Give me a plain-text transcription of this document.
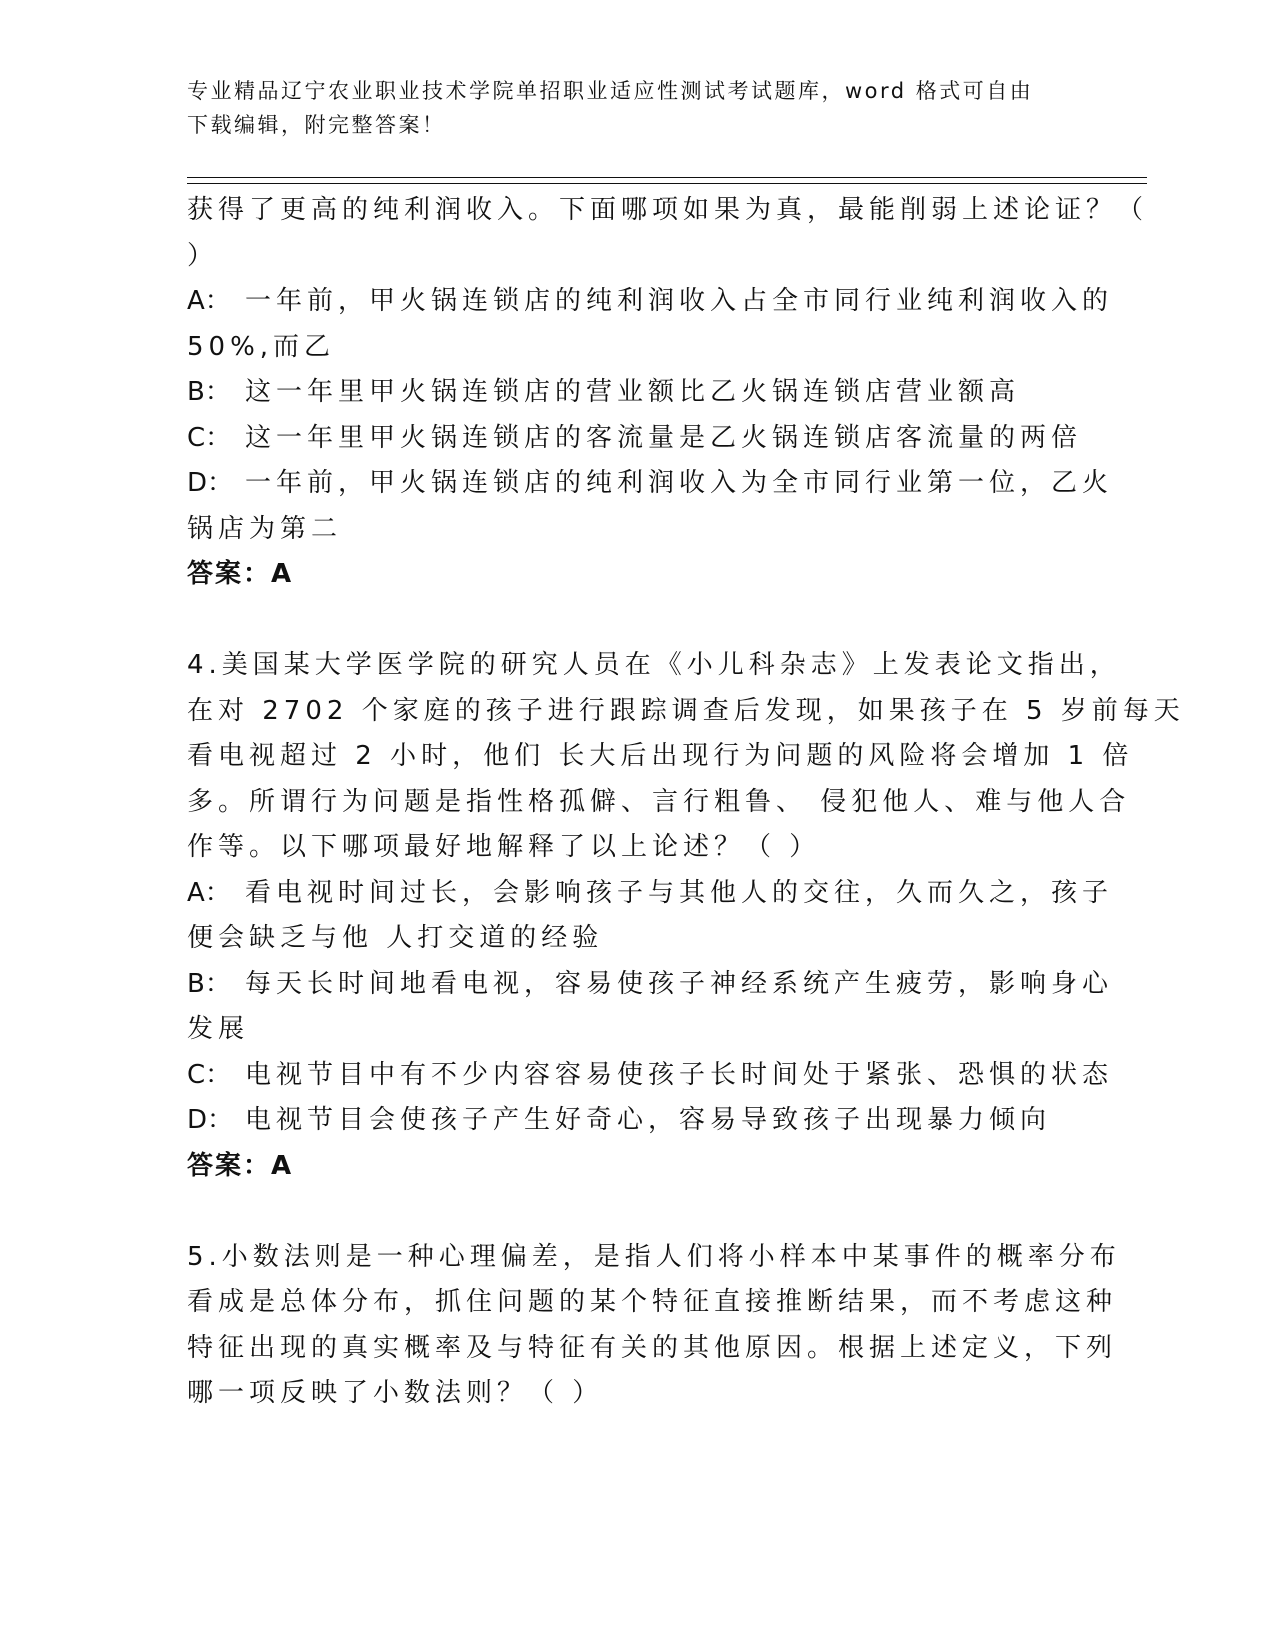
专业精品辽宁农业职业技术学院单招职业适应性测试考试题库，word 格式可自由
下载编辑，附完整答案！
获得了更高的纯利润收入。下面哪项如果为真，最能削弱上述论证？（
）
A： 一年前，甲火锅连锁店的纯利润收入占全市同行业纯利润收入的
50%,而乙
B： 这一年里甲火锅连锁店的营业额比乙火锅连锁店营业额高
C： 这一年里甲火锅连锁店的客流量是乙火锅连锁店客流量的两倍
D： 一年前，甲火锅连锁店的纯利润收入为全市同行业第一位，乙火
锅店为第二
答案：A
4.美国某大学医学院的研究人员在《小儿科杂志》上发表论文指出，
在对 2702 个家庭的孩子进行跟踪调查后发现，如果孩子在 5 岁前每天
看电视超过 2 小时，他们 长大后出现行为问题的风险将会增加 1 倍
多。所谓行为问题是指性格孤僻、言行粗鲁、 侵犯他人、难与他人合
作等。以下哪项最好地解释了以上论述？（ ）
A： 看电视时间过长，会影响孩子与其他人的交往，久而久之，孩子
便会缺乏与他 人打交道的经验
B： 每天长时间地看电视，容易使孩子神经系统产生疲劳，影响身心
发展
C： 电视节目中有不少内容容易使孩子长时间处于紧张、恐惧的状态
D： 电视节目会使孩子产生好奇心，容易导致孩子出现暴力倾向
答案：A
5.小数法则是一种心理偏差，是指人们将小样本中某事件的概率分布
看成是总体分布，抓住问题的某个特征直接推断结果，而不考虑这种
特征出现的真实概率及与特征有关的其他原因。根据上述定义，下列
哪一项反映了小数法则？（ ）
